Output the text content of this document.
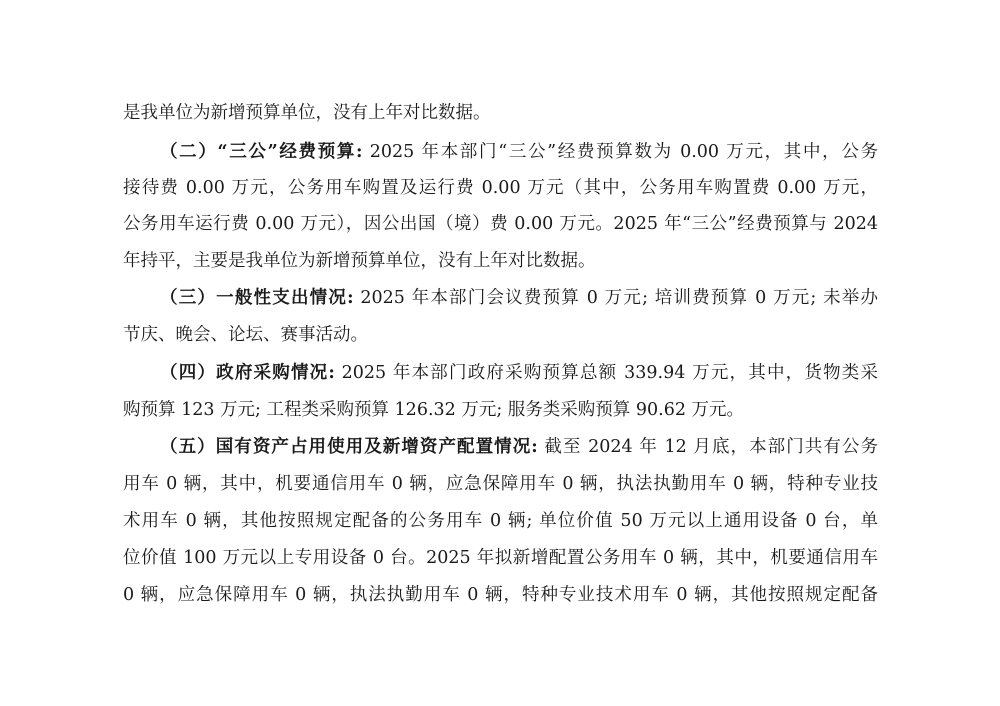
是我单位为新增预算单位，没有上年对比数据。
（二）“三公”经费预算: 2025 年本部门“三公”经费预算数为 0.00 万元，其中，公务
接待费 0.00 万元，公务用车购置及运行费 0.00 万元（其中，公务用车购置费 0.00 万元，
公务用车运行费 0.00 万元），因公出国（境）费 0.00 万元。2025 年“三公”经费预算与 2024
年持平，主要是我单位为新增预算单位，没有上年对比数据。
（三）一般性支出情况: 2025 年本部门会议费预算 0 万元; 培训费预算 0 万元; 未举办
节庆、晚会、论坛、赛事活动。
（四）政府采购情况: 2025 年本部门政府采购预算总额 339.94 万元，其中，货物类采
购预算 123 万元; 工程类采购预算 126.32 万元; 服务类采购预算 90.62 万元。
（五）国有资产占用使用及新增资产配置情况: 截至 2024 年 12 月底，本部门共有公务
用车 0 辆，其中，机要通信用车 0 辆，应急保障用车 0 辆，执法执勤用车 0 辆，特种专业技
术用车 0 辆，其他按照规定配备的公务用车 0 辆; 单位价值 50 万元以上通用设备 0 台，单
位价值 100 万元以上专用设备 0 台。2025 年拟新增配置公务用车 0 辆，其中，机要通信用车
0 辆，应急保障用车 0 辆，执法执勤用车 0 辆，特种专业技术用车 0 辆，其他按照规定配备
